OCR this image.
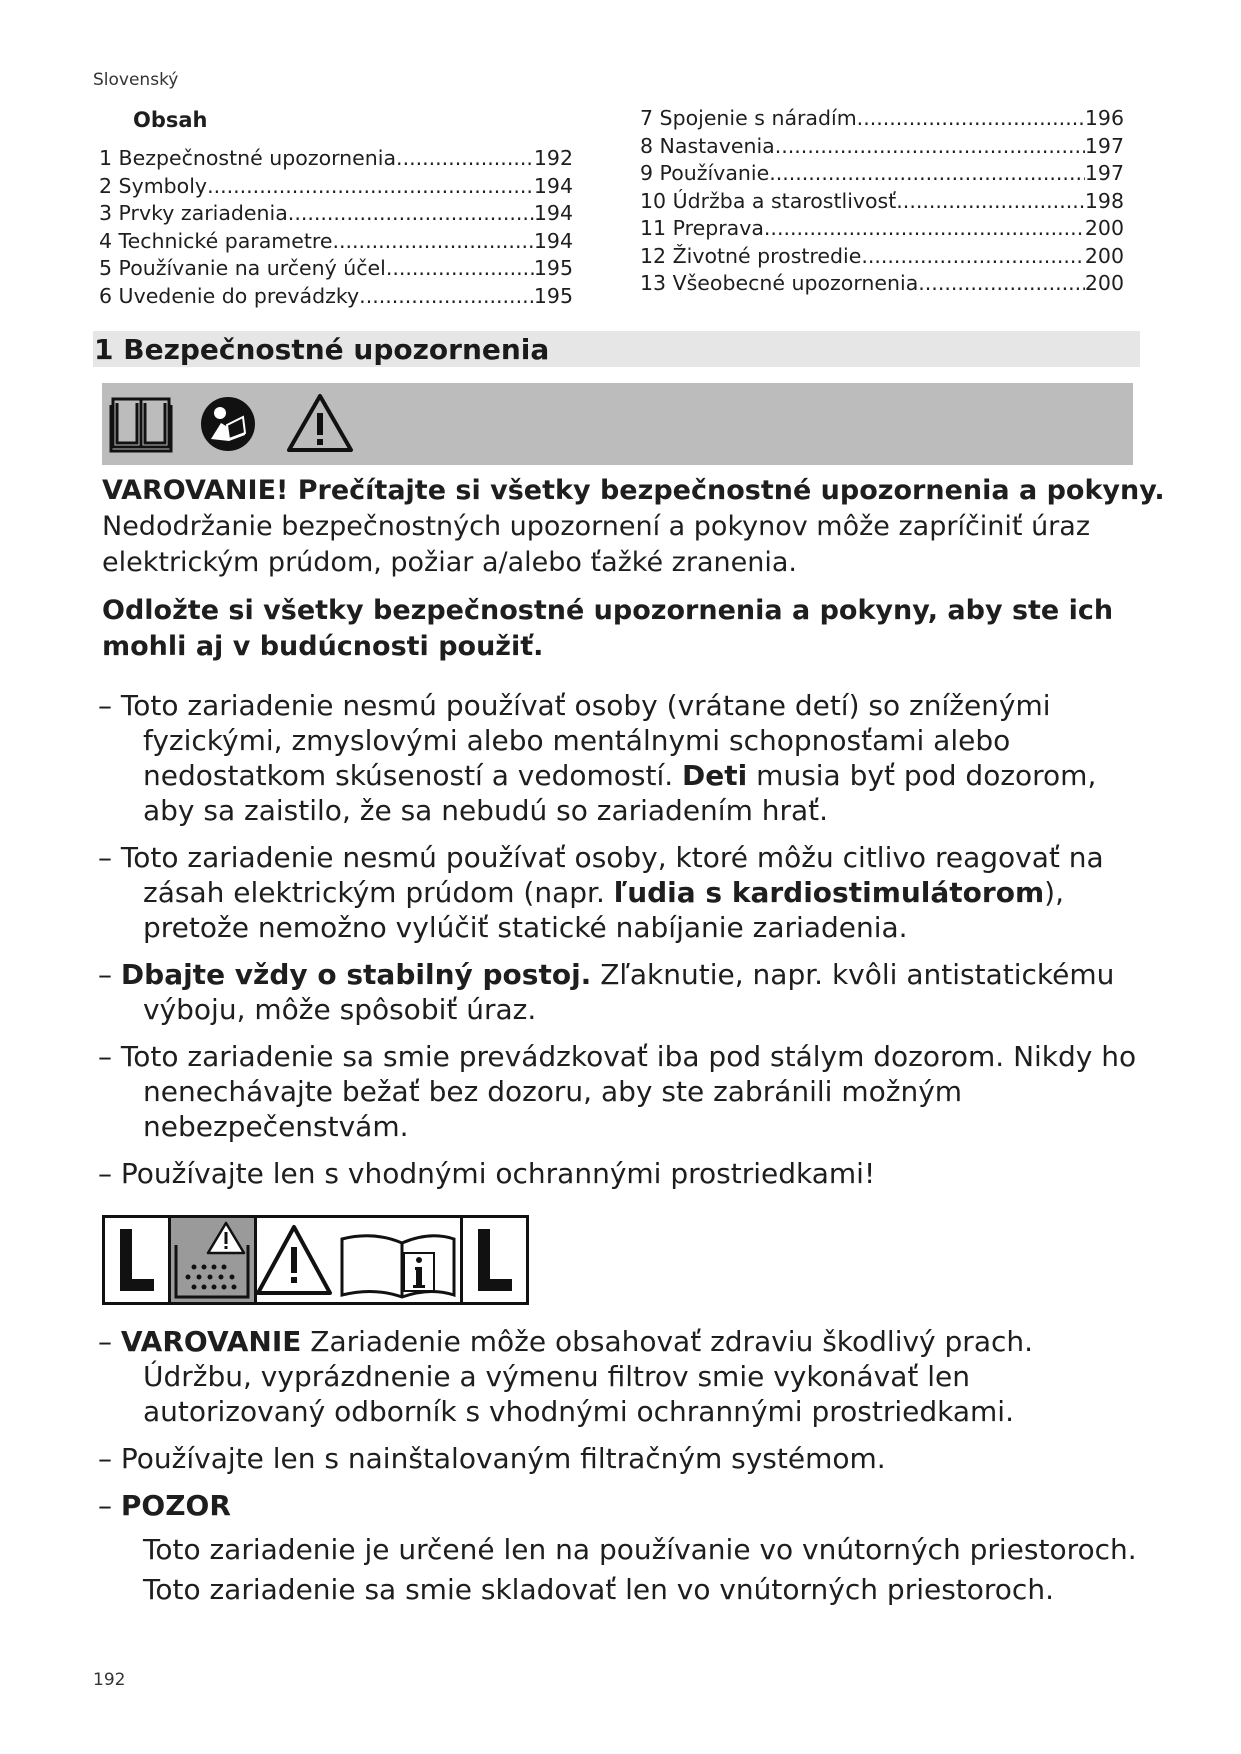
Slovenský
Obsah
1 Bezpečnostné upozornenia .....	192
2 Symboly .....	194
3 Prvky zariadenia .....	194
4 Technické parametre .....	194
5 Používanie na určený účel .....	195
6 Uvedenie do prevádzky .....	195
7 Spojenie s náradím .....	196
8 Nastavenia .....	197
9 Používanie .....	197
10 Údržba a starostlivosť .....	198
11 Preprava .....	200
12 Životné prostredie .....	200
13 Všeobecné upozornenia .....	200
1 Bezpečnostné upozornenia
VAROVANIE! Prečítajte si všetky bezpečnostné upozornenia a pokyny.
Nedodržanie bezpečnostných upozornení a pokynov môže zapríčiniť úraz elektrickým prúdom, požiar a/alebo ťažké zranenia.
Odložte si všetky bezpečnostné upozornenia a pokyny, aby ste ich mohli aj v budúcnosti použiť.
– Toto zariadenie nesmú používať osoby (vrátane detí) so zníženými fyzickými, zmyslovými alebo mentálnymi schopnosťami alebo nedostatkom skúseností a vedomostí. Deti musia byť pod dozorom, aby sa zaistilo, že sa nebudú so zariadením hrať.
– Toto zariadenie nesmú používať osoby, ktoré môžu citlivo reagovať na zásah elektrickým prúdom (napr. ľudia s kardiostimulátorom), pretože nemožno vylúčiť statické nabíjanie zariadenia.
– Dbajte vždy o stabilný postoj. Zľaknutie, napr. kvôli antistatickému výboju, môže spôsobiť úraz.
– Toto zariadenie sa smie prevádzkovať iba pod stálym dozorom. Nikdy ho nenechávajte bežať bez dozoru, aby ste zabránili možným nebezpečenstvám.
– Používajte len s vhodnými ochrannými prostriedkami!
– VAROVANIE Zariadenie môže obsahovať zdraviu škodlivý prach. Údržbu, vyprázdnenie a výmenu filtrov smie vykonávať len autorizovaný odborník s vhodnými ochrannými prostriedkami.
– Používajte len s nainštalovaným filtračným systémom.
– POZOR
Toto zariadenie je určené len na používanie vo vnútorných priestoroch.
Toto zariadenie sa smie skladovať len vo vnútorných priestoroch.
192
